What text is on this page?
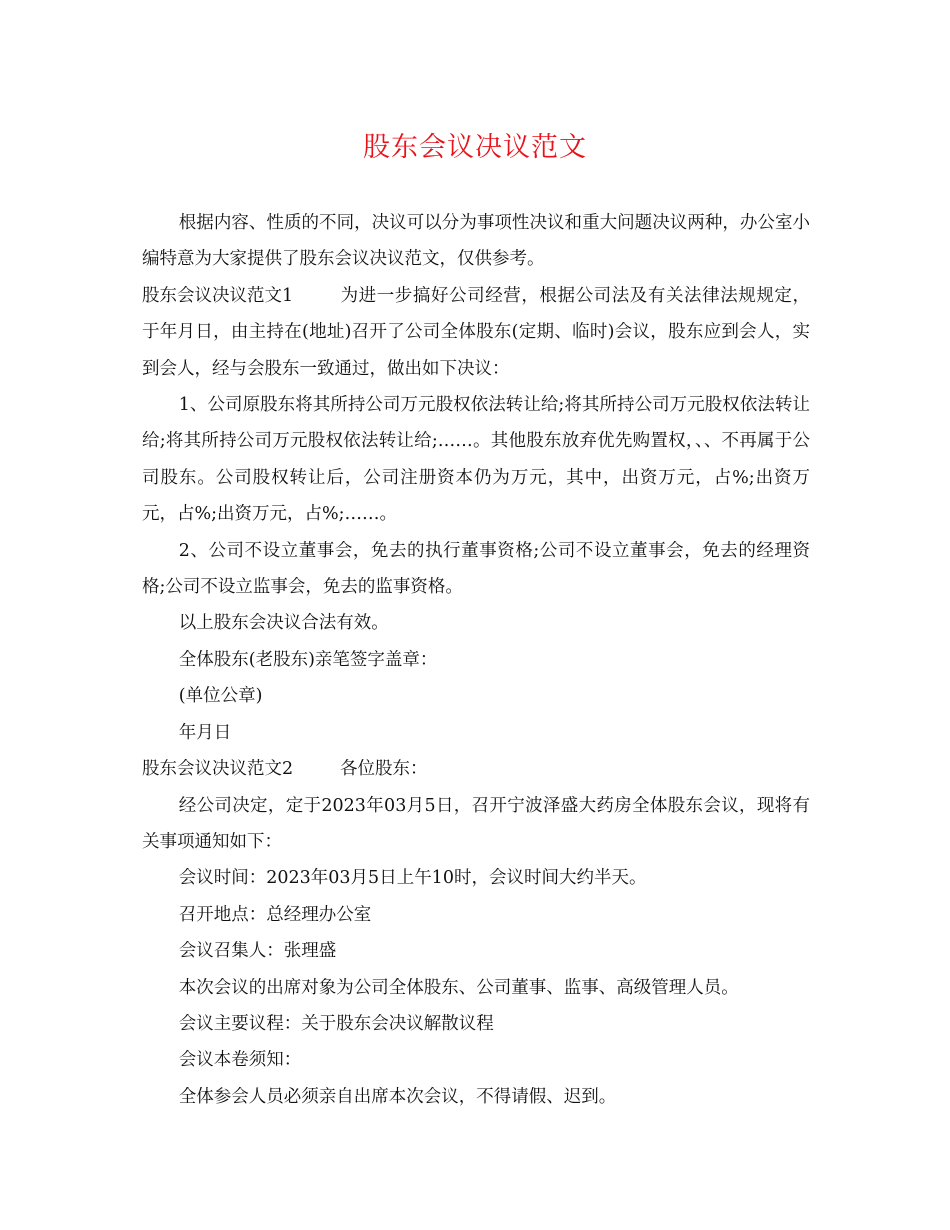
股东会议决议范文

根据内容、性质的不同，决议可以分为事项性决议和重大问题决议两种，办公室小编特意为大家提供了股东会议决议范文，仅供参考。

股东会议决议范文1	为进一步搞好公司经营，根据公司法及有关法律法规规定，于年月日，由主持在(地址)召开了公司全体股东(定期、临时)会议，股东应到会人，实到会人，经与会股东一致通过，做出如下决议：

1、公司原股东将其所持公司万元股权依法转让给;将其所持公司万元股权依法转让给;将其所持公司万元股权依法转让给;……。其他股东放弃优先购置权，、、不再属于公司股东。公司股权转让后，公司注册资本仍为万元，其中，出资万元，占%;出资万元，占%;出资万元，占%;……。

2、公司不设立董事会，免去的执行董事资格;公司不设立董事会，免去的经理资格;公司不设立监事会，免去的监事资格。

以上股东会决议合法有效。

全体股东(老股东)亲笔签字盖章：

(单位公章)

年月日

股东会议决议范文2	各位股东：

经公司决定，定于2023年03月5日，召开宁波泽盛大药房全体股东会议，现将有关事项通知如下：

会议时间：2023年03月5日上午10时，会议时间大约半天。

召开地点：总经理办公室

会议召集人：张理盛

本次会议的出席对象为公司全体股东、公司董事、监事、高级管理人员。

会议主要议程：关于股东会决议解散议程

会议本卷须知：

全体参会人员必须亲自出席本次会议，不得请假、迟到。
